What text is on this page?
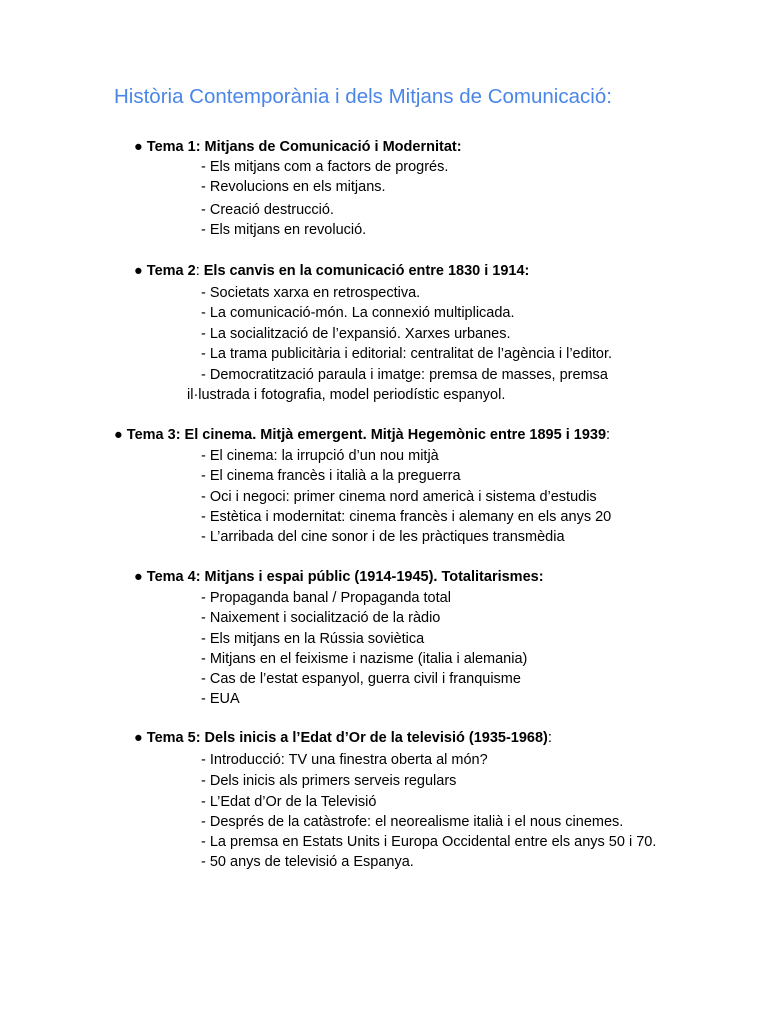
Història Contemporània i dels Mitjans de Comunicació:
● Tema 1: Mitjans de Comunicació i Modernitat:
- Els mitjans com a factors de progrés.
- Revolucions en els mitjans.
- Creació destrucció.
- Els mitjans en revolució.
● Tema 2: Els canvis en la comunicació entre 1830 i 1914:
- Societats xarxa en retrospectiva.
- La comunicació-món. La connexió multiplicada.
- La socialització de l’expansió. Xarxes urbanes.
- La trama publicitària i editorial: centralitat de l’agència i l’editor.
- Democratització paraula i imatge: premsa de masses, premsa
il·lustrada i fotografia, model periodístic espanyol.
● Tema 3: El cinema. Mitjà emergent. Mitjà Hegemònic entre 1895 i 1939:
- El cinema: la irrupció d’un nou mitjà
- El cinema francès i italià a la preguerra
- Oci i negoci: primer cinema nord americà i sistema d’estudis
- Estètica i modernitat: cinema francès i alemany en els anys 20
- L’arribada del cine sonor i de les pràctiques transmèdia
● Tema 4: Mitjans i espai públic (1914-1945). Totalitarismes:
- Propaganda banal / Propaganda total
- Naixement i socialització de la ràdio
- Els mitjans en la Rússia soviètica
- Mitjans en el feixisme i nazisme (italia i alemania)
- Cas de l’estat espanyol, guerra civil i franquisme
- EUA
● Tema 5: Dels inicis a l’Edat d’Or de la televisió (1935-1968):
- Introducció: TV una finestra oberta al món?
- Dels inicis als primers serveis regulars
- L’Edat d’Or de la Televisió
- Després de la catàstrofe: el neorealisme italià i el nous cinemes.
- La premsa en Estats Units i Europa Occidental entre els anys 50 i 70.
- 50 anys de televisió a Espanya.
